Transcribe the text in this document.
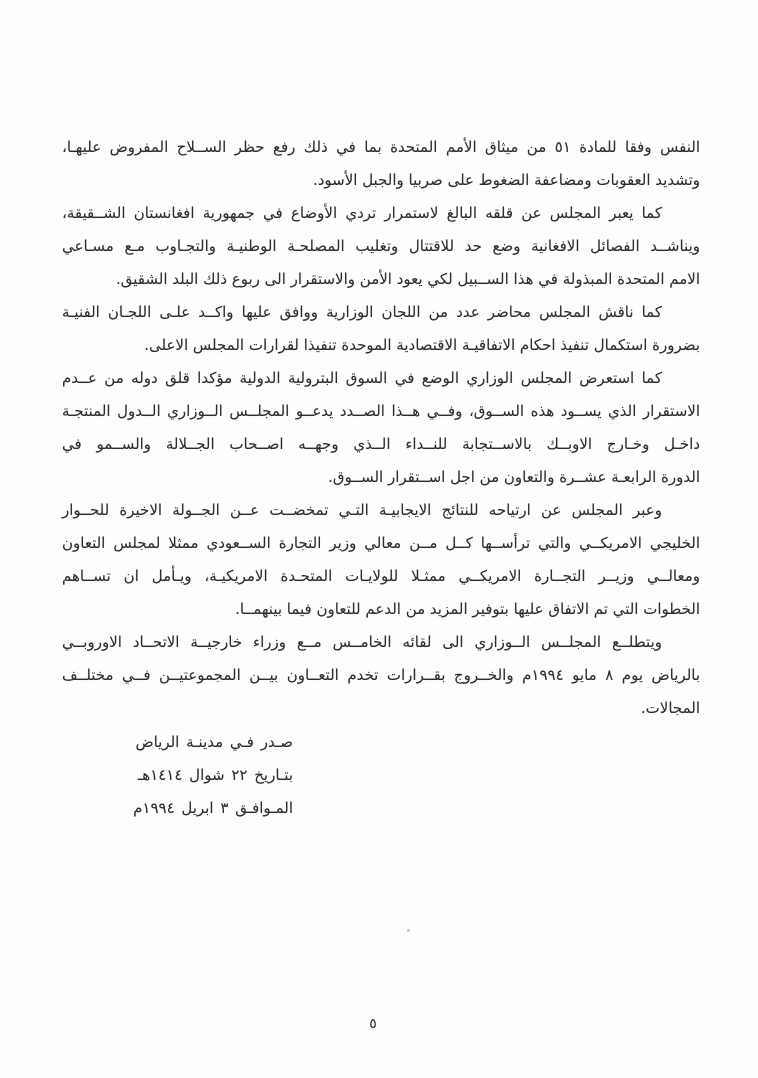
النفس وفقا للمادة ٥١ من ميثاق الأمم المتحدة بما في ذلك رفع حظر الســلاح المفروض عليهـا،
وتشديد العقوبات ومضاعفة الضغوط على صربيا والجبل الأسود.
كما يعبر المجلس عن قلقه البالغ لاستمرار تردي الأوضاع في جمهورية افغانستان الشــقيقة،
ويناشــد الفصائل الافغانية وضع حد للاقتتال وتغليب المصلحـة الوطنيـة والتجـاوب مـع مسـاعي
الامم المتحدة المبذولة في هذا الســبيل لكي يعود الأمن والاستقرار الى ربوع ذلك البلد الشقيق.
كما ناقش المجلس محاضر عدد من اللجان الوزارية ووافق عليها واكــد علـى اللجـان الفنيـة
بضرورة استكمال تنفيذ احكام الاتفاقيـة الاقتصادية الموحدة تنفيذا لقرارات المجلس الاعلى.
كما استعرض المجلس الوزاري الوضع في السوق البترولية الدولية مؤكدا قلق دوله من عــدم
الاستقرار الذي يســود هذه الســوق، وفــي هــذا الصــدد يدعــو المجلــس الــوزاري الــدول المنتجـة
داخـل وخـارج الاوبــك بالاســتجابة للنــداء الــذي وجهــه اصــحاب الجــلالة والســمو في
الدورة الرابعـة عشــرة والتعاون من اجل اســتقرار الســوق.
وعبر المجلس عن ارتياحه للنتائج الايجابيـة التـي تمخضــت عــن الجــولة الاخيرة للحــوار
الخليجي الامريكــي والتي ترأســها كــل مــن معالي وزير التجارة الســعودي ممثلا لمجلس التعاون
ومعالــي وزيــر التجــارة الامريكــي ممثـلا للولايـات المتحـدة الامريكيـة، ويـأمل ان تســاهم
الخطوات التي تم الاتفاق عليها بتوفير المزيد من الدعم للتعاون فيما بينهمــا.
ويتطلــع المجلــس الــوزاري الى لقائه الخامــس مــع وزراء خارجيــة الاتحــاد الاوروبــي
بالرياض يوم ٨ مايو ١٩٩٤م والخــروج بقــرارات تخدم التعــاون بيــن المجموعتيــن فــي مختلــف
المجالات.
صـدر فـي مدينـة الرياض
بتـاريخ ٢٢ شوال ١٤١٤هـ
المـوافـق ٣ ابريل ١٩٩٤م
٥
